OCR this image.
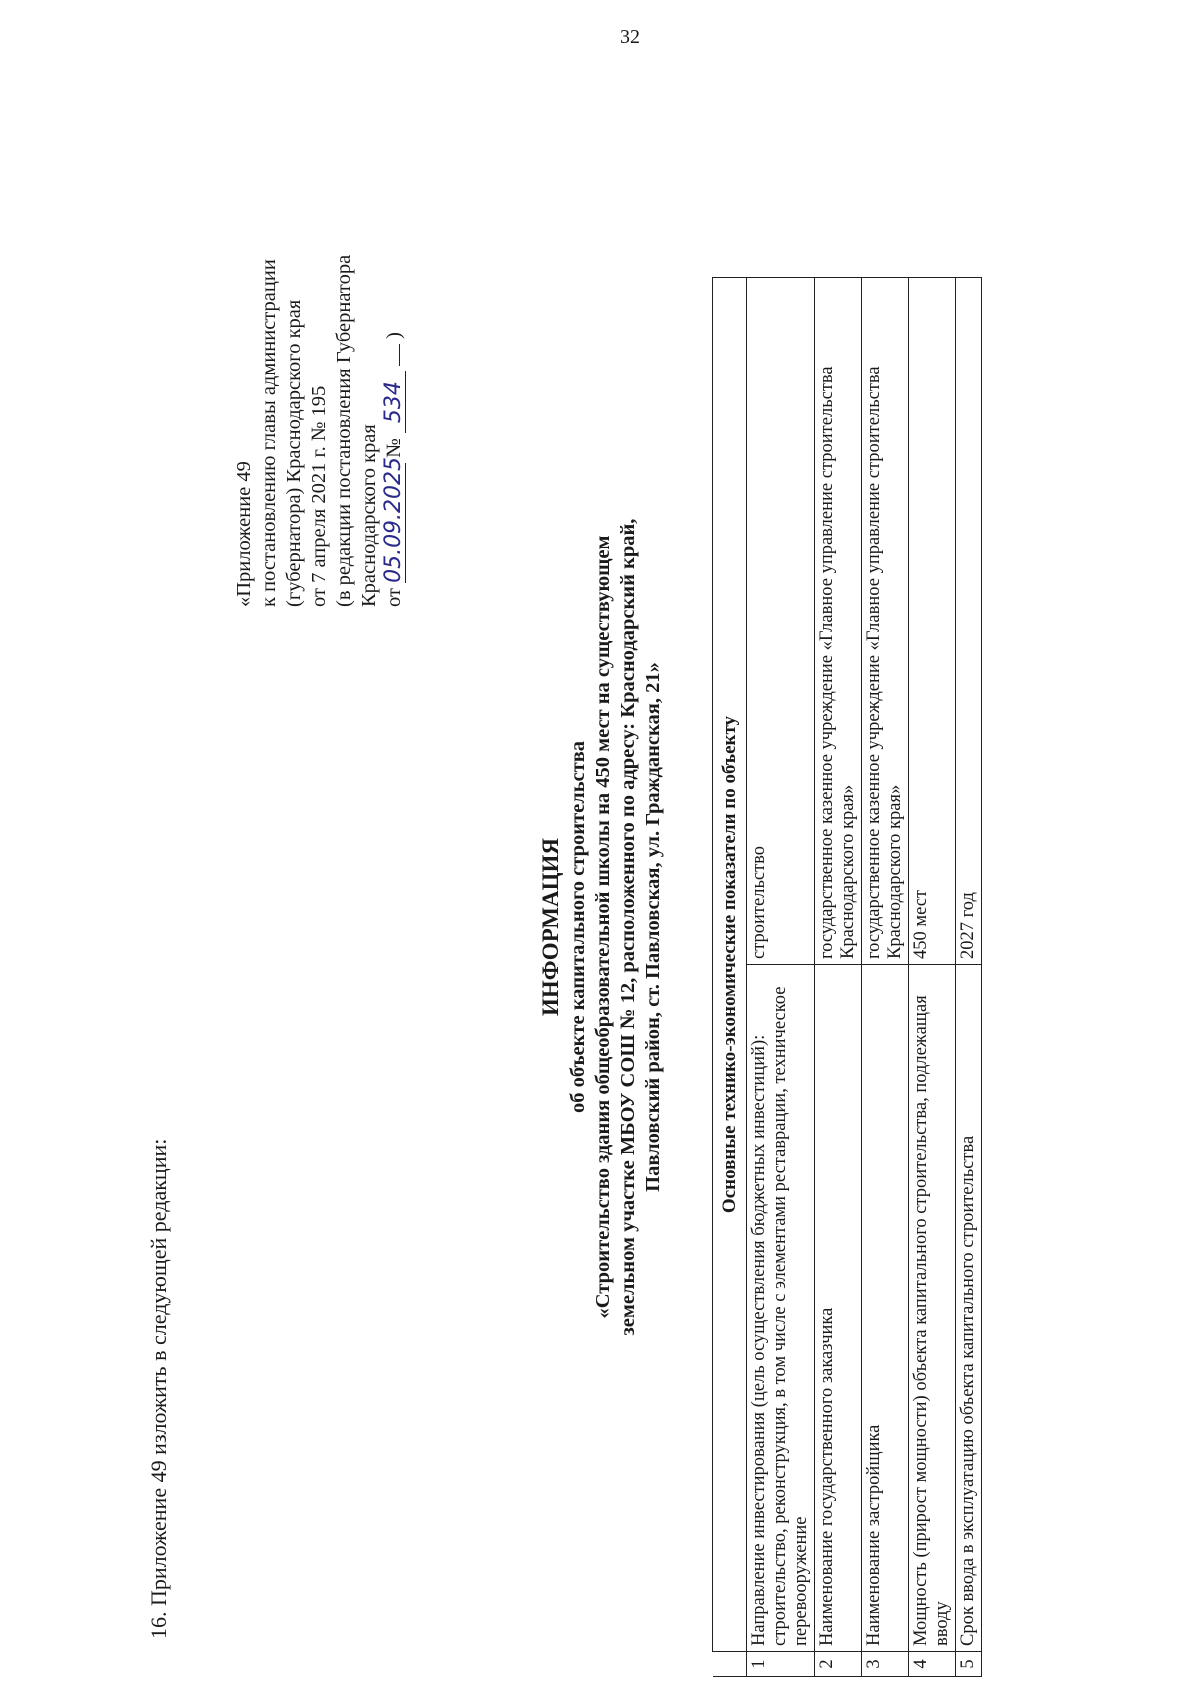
32
16. Приложение 49 изложить в следующей редакции:
«Приложение 49 к постановлению главы администрации (губернатора) Краснодарского края от 7 апреля 2021 г. № 195 (в редакции постановления Губернатора Краснодарского края от 05.09.2025 № 534  )
ИНФОРМАЦИЯ об объекте капитального строительства «Строительство здания общеобразовательной школы на 450 мест на существующем земельном участке МБОУ СОШ № 12, расположенного по адресу: Краснодарский край, Павловский район, ст. Павловская, ул. Гражданская, 21»
		Основные технико-экономические показатели по объекту	
1	Направление инвестирования (цель осуществления бюджетных инвестиций): строительство, реконструкция, в том числе с элементами реставрации, техническое перевооружение	строительство
2	Наименование государственного заказчика	государственное казенное учреждение «Главное управление строительства Краснодарского края»
3	Наименование застройщика	государственное казенное учреждение «Главное управление строительства Краснодарского края»
4	Мощность (прирост мощности) объекта капитального строительства, подлежащая вводу	450 мест
5	Срок ввода в эксплуатацию объекта капитального строительства	2027 год
